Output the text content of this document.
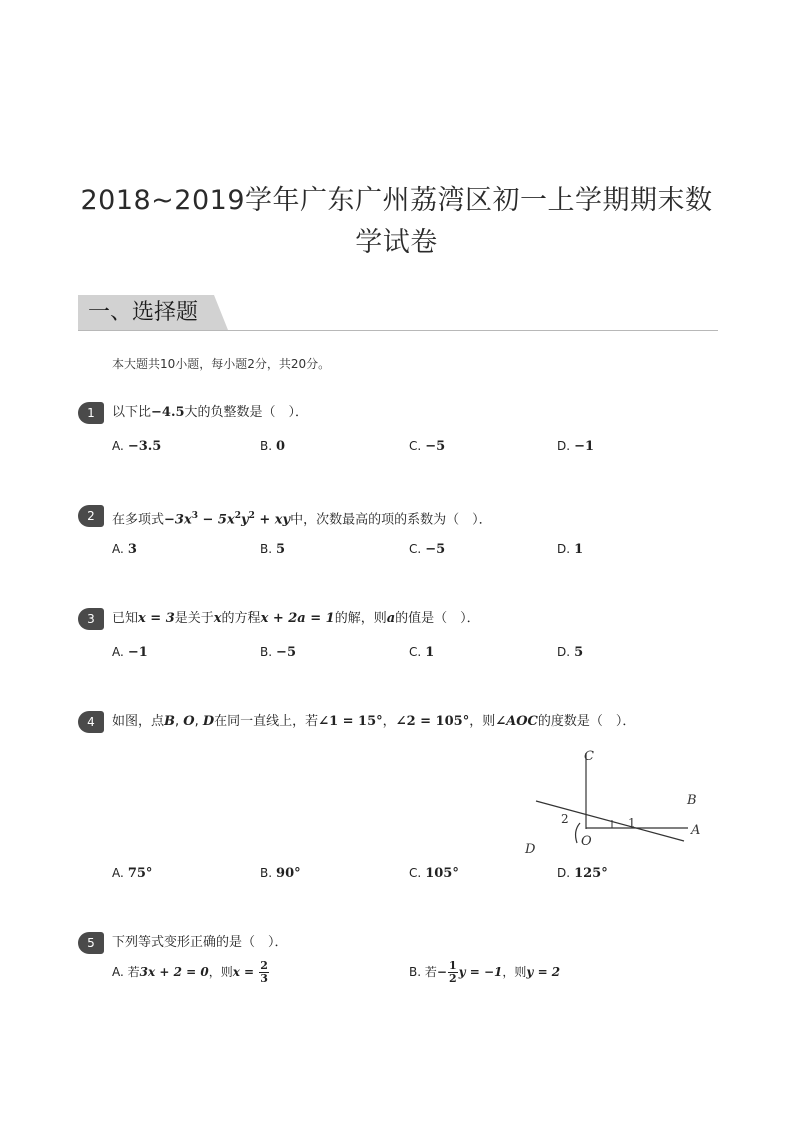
2018~2019学年广东广州荔湾区初一上学期期末数学试卷
一、选择题
本大题共10小题，每小题2分，共20分。
1	以下比−4.5大的负整数是（　）．
A. −3.5	B. 0	C. −5	D. −1
2	在多项式$-3x^3 - 5x^2y^2$ + xy中，次数最高的项的系数为（　）．
A. 3	B. 5	C. −5	D. 1
3	已知x = 3是关于x的方程x + 2a = 1的解，则a的值是（　）．
A. −1	B. −5	C. 1	D. 5
4	如图，点B, O, D在同一直线上，若∠1 = 15°，∠2 = 105°，则∠AOC的度数是（　）．
C
B
A
O
D
1
2
A. 75°	B. 90°	C. 105°	D. 125°
5	下列等式变形正确的是（　）．
A. 若3x + 2 = 0，则$x = \frac{2}{3}$	B. 若− $\frac{1}{2}$ y = −1，则y = 2
